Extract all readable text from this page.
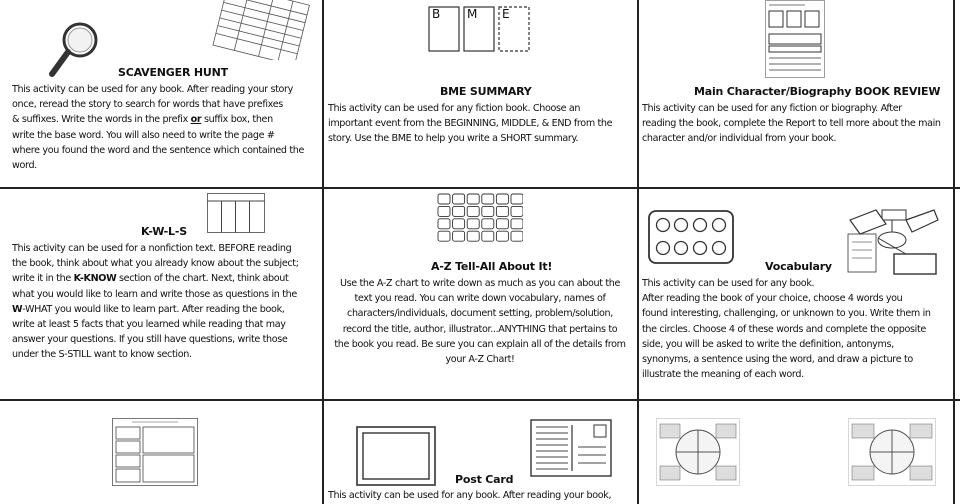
SCAVENGER HUNT
This activity can be used for any book. After reading your story
once, reread the story to search for words that have prefixes
& suffixes. Write the words in the prefix or suffix box, then
write the base word. You will also need to write the page #
where you found the word and the sentence which contained the
word.
B M E
BME SUMMARY
This activity can be used for any fiction book. Choose an
important event from the BEGINNING, MIDDLE, & END from the
story. Use the BME to help you write a SHORT summary.
Main Character/Biography BOOK REVIEW
This activity can be used for any fiction or biography. After
reading the book, complete the Report to tell more about the main
character and/or individual from your book.
K-W-L-S
This activity can be used for a nonfiction text. BEFORE reading
the book, think about what you already know about the subject;
write it in the K-KNOW section of the chart. Next, think about
what you would like to learn and write those as questions in the
W-WHAT you would like to learn part. After reading the book,
write at least 5 facts that you learned while reading that may
answer your questions. If you still have questions, write those
under the S-STILL want to know section.
A-Z Tell-All About It!
Use the A-Z chart to write down as much as you can about the
text you read. You can write down vocabulary, names of
characters/individuals, document setting, problem/solution,
record the title, author, illustrator...ANYTHING that pertains to
the book you read. Be sure you can explain all of the details from
your A-Z Chart!
Vocabulary
This activity can be used for any book.
After reading the book of your choice, choose 4 words you
found interesting, challenging, or unknown to you. Write them in
the circles. Choose 4 of these words and complete the opposite
side, you will be asked to write the definition, antonyms,
synonyms, a sentence using the word, and draw a picture to
illustrate the meaning of each word.
Post Card
This activity can be used for any book. After reading your book,
